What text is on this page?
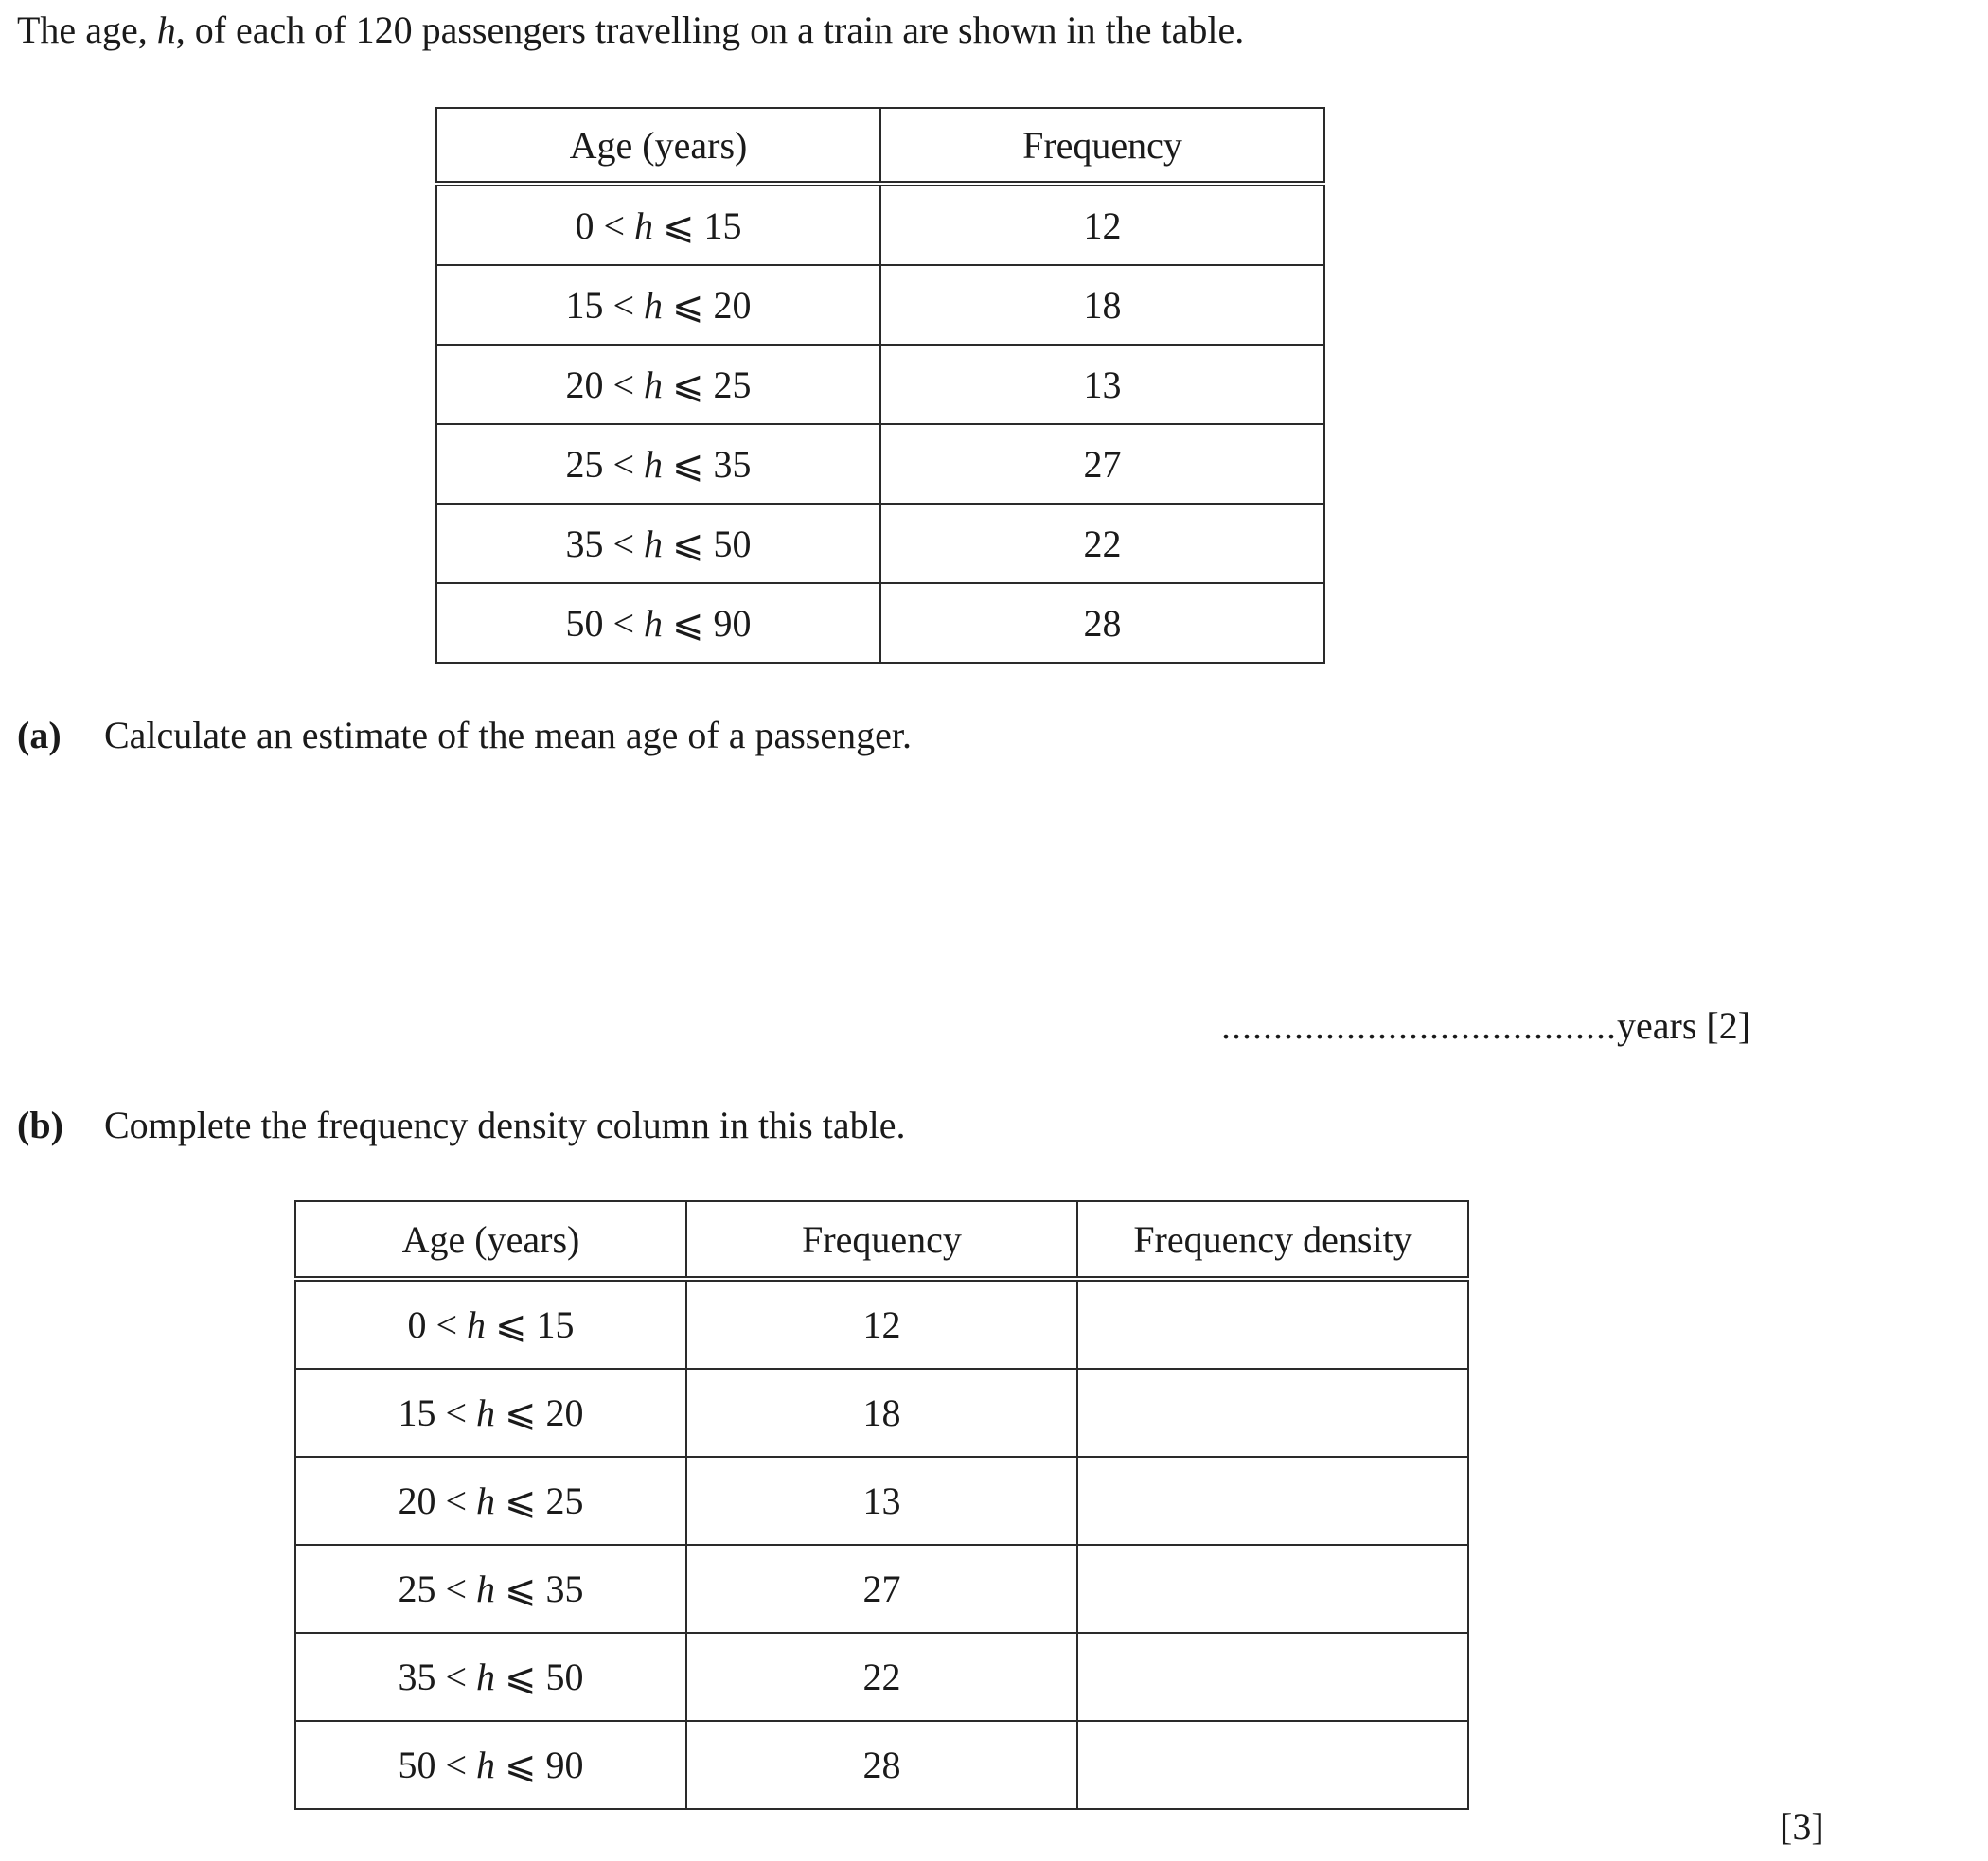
The age, h, of each of 120 passengers travelling on a train are shown in the table.
Age (years)	Frequency
0 < h ⩽ 15	12
15 < h ⩽ 20	18
20 < h ⩽ 25	13
25 < h ⩽ 35	27
35 < h ⩽ 50	22
50 < h ⩽ 90	28
(a) Calculate an estimate of the mean age of a passenger.
......................................years [2]
(b) Complete the frequency density column in this table.
Age (years)	Frequency	Frequency density
0 < h ⩽ 15	12	
15 < h ⩽ 20	18	
20 < h ⩽ 25	13	
25 < h ⩽ 35	27	
35 < h ⩽ 50	22	
50 < h ⩽ 90	28	
[3]
